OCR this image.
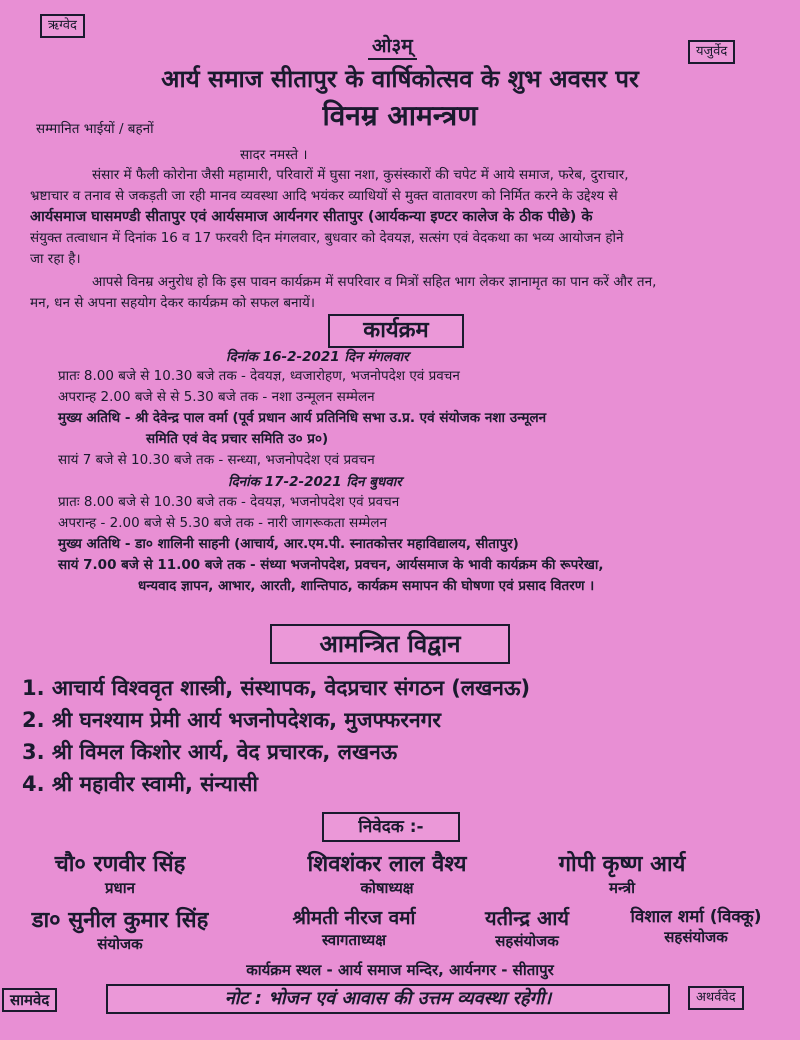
ऋग्वेद
यजुर्वेद
सामवेद	अथर्ववेद
ओ३म्
आर्य समाज सीतापुर के वार्षिकोत्सव के शुभ अवसर पर
विनम्र आमन्त्रण
सम्मानित भाईयों / बहनों
सादर नमस्ते ।
संसार में फैली कोरोना जैसी महामारी, परिवारों में घुसा नशा, कुसंस्कारों की चपेट में आये समाज, फरेब, दुराचार,
भ्रष्टाचार व तनाव से जकड़ती जा रही मानव व्यवस्था आदि भयंकर व्याधियों से मुक्त वातावरण को निर्मित करने के उद्देश्य से
आर्यसमाज घासमण्डी सीतापुर एवं आर्यसमाज आर्यनगर सीतापुर (आर्यकन्या इण्टर कालेज के ठीक पीछे) के
संयुक्त तत्वाधान में दिनांक 16 व 17 फरवरी दिन मंगलवार, बुधवार को देवयज्ञ, सत्संग एवं वेदकथा का भव्य आयोजन होने
जा रहा है।
आपसे विनम्र अनुरोध हो कि इस पावन कार्यक्रम में सपरिवार व मित्रों सहित भाग लेकर ज्ञानामृत का पान करें और तन,
मन, धन से अपना सहयोग देकर कार्यक्रम को सफल बनायें।
कार्यक्रम
दिनांक 16-2-2021 दिन मंगलवार
प्रातः 8.00 बजे से 10.30 बजे तक - देवयज्ञ, ध्वजारोहण, भजनोपदेश एवं प्रवचन
अपरान्ह 2.00 बजे से से 5.30 बजे तक - नशा उन्मूलन सम्मेलन
मुख्य अतिथि - श्री देवेन्द्र पाल वर्मा (पूर्व प्रधान आर्य प्रतिनिधि सभा उ.प्र. एवं संयोजक नशा उन्मूलन
समिति एवं वेद प्रचार समिति उ० प्र०)
सायं 7 बजे से 10.30 बजे तक - सन्ध्या, भजनोपदेश एवं प्रवचन
दिनांक 17-2-2021 दिन बुधवार
प्रातः 8.00 बजे से 10.30 बजे तक - देवयज्ञ, भजनोपदेश एवं प्रवचन
अपरान्ह - 2.00 बजे से 5.30 बजे तक - नारी जागरूकता सम्मेलन
मुख्य अतिथि - डा० शालिनी साहनी (आचार्य, आर.एम.पी. स्नातकोत्तर महाविद्यालय, सीतापुर)
सायं 7.00 बजे से 11.00 बजे तक - संध्या भजनोपदेश, प्रवचन, आर्यसमाज के भावी कार्यक्रम की रूपरेखा,
धन्यवाद ज्ञापन, आभार, आरती, शान्तिपाठ, कार्यक्रम समापन की घोषणा एवं प्रसाद वितरण ।
आमन्त्रित विद्वान
1. आचार्य विश्ववृत शास्त्री, संस्थापक, वेदप्रचार संगठन (लखनऊ)
2. श्री घनश्याम प्रेमी आर्य भजनोपदेशक, मुजफ्फरनगर
3. श्री विमल किशोर आर्य, वेद प्रचारक, लखनऊ
4. श्री महावीर स्वामी, संन्यासी
निवेदक :-
चौ० रणवीर सिंह
प्रधान
शिवशंकर लाल वैश्य
कोषाध्यक्ष
गोपी कृष्ण आर्य
मन्त्री
डा० सुनील कुमार सिंह
संयोजक
श्रीमती नीरज वर्मा
स्वागताध्यक्ष
यतीन्द्र आर्य
सहसंयोजक
विशाल शर्मा (विक्कू)
सहसंयोजक
कार्यक्रम स्थल - आर्य समाज मन्दिर, आर्यनगर - सीतापुर
नोट : भोजन एवं आवास की उत्तम व्यवस्था रहेगी।
